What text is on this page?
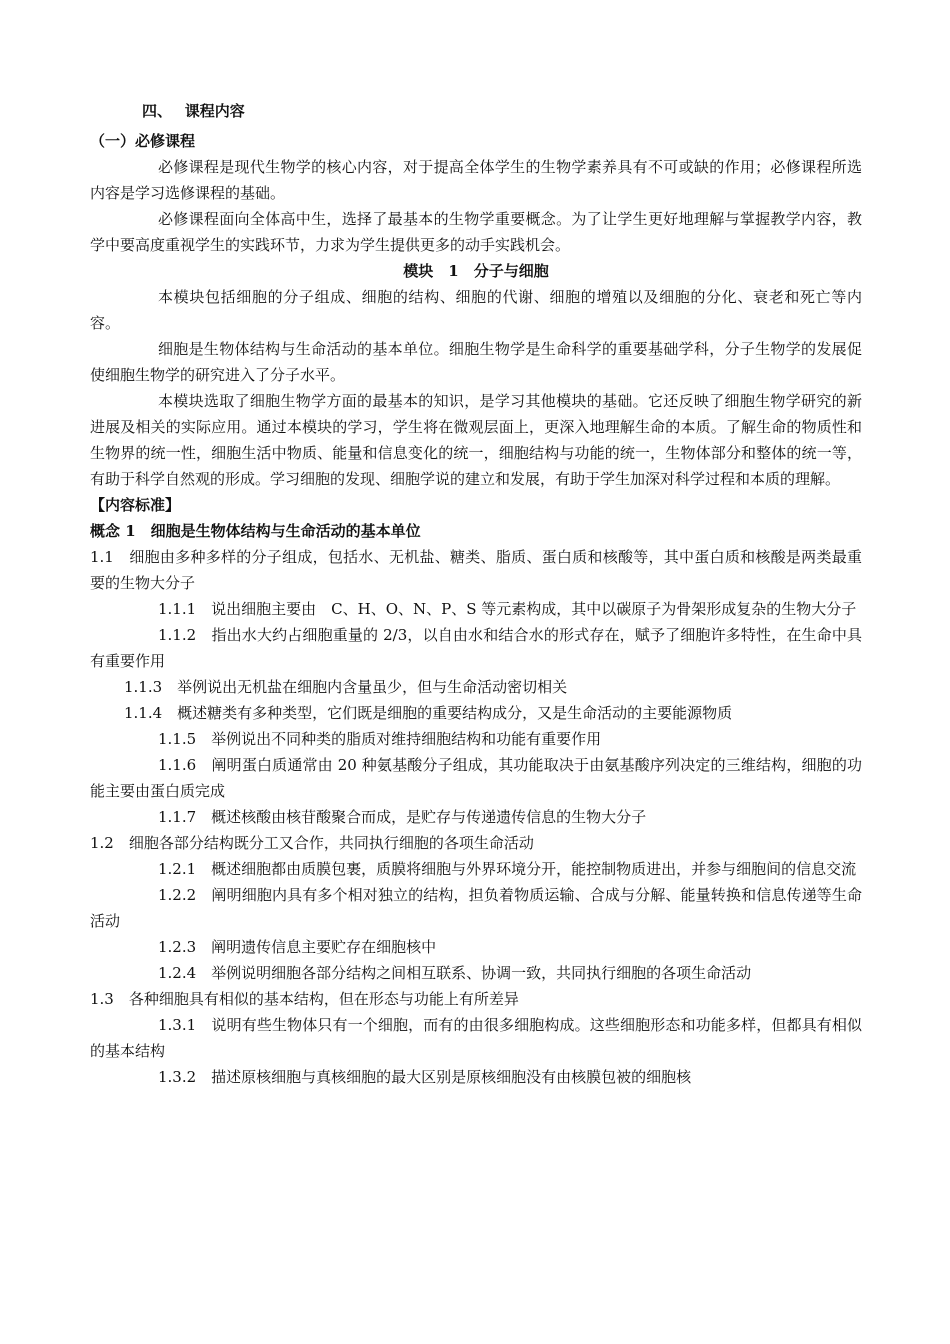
四、　 课程内容

（一）必修课程

必修课程是现代生物学的核心内容，对于提高全体学生的生物学素养具有不可或缺的作用；必修课程所选内容是学习选修课程的基础。

必修课程面向全体高中生，选择了最基本的生物学重要概念。为了让学生更好地理解与掌握教学内容，教学中要高度重视学生的实践环节，力求为学生提供更多的动手实践机会。

模块　1　分子与细胞

本模块包括细胞的分子组成、细胞的结构、细胞的代谢、细胞的增殖以及细胞的分化、衰老和死亡等内容。

细胞是生物体结构与生命活动的基本单位。细胞生物学是生命科学的重要基础学科，分子生物学的发展促使细胞生物学的研究进入了分子水平。

本模块选取了细胞生物学方面的最基本的知识，是学习其他模块的基础。它还反映了细胞生物学研究的新进展及相关的实际应用。通过本模块的学习，学生将在微观层面上，更深入地理解生命的本质。了解生命的物质性和生物界的统一性，细胞生活中物质、能量和信息变化的统一，细胞结构与功能的统一，生物体部分和整体的统一等，有助于科学自然观的形成。学习细胞的发现、细胞学说的建立和发展，有助于学生加深对科学过程和本质的理解。

【内容标准】

概念 1　细胞是生物体结构与生命活动的基本单位

1.1　细胞由多种多样的分子组成，包括水、无机盐、糖类、脂质、蛋白质和核酸等，其中蛋白质和核酸是两类最重要的生物大分子

1.1.1　说出细胞主要由　C、H、O、N、P、S 等元素构成，其中以碳原子为骨架形成复杂的生物大分子

1.1.2　指出水大约占细胞重量的 2/3，以自由水和结合水的形式存在，赋予了细胞许多特性，在生命中具有重要作用

1.1.3　举例说出无机盐在细胞内含量虽少，但与生命活动密切相关

1.1.4　概述糖类有多种类型，它们既是细胞的重要结构成分，又是生命活动的主要能源物质

1.1.5　举例说出不同种类的脂质对维持细胞结构和功能有重要作用

1.1.6　阐明蛋白质通常由 20 种氨基酸分子组成，其功能取决于由氨基酸序列决定的三维结构，细胞的功能主要由蛋白质完成

1.1.7　概述核酸由核苷酸聚合而成，是贮存与传递遗传信息的生物大分子

1.2　细胞各部分结构既分工又合作，共同执行细胞的各项生命活动

1.2.1　概述细胞都由质膜包裹，质膜将细胞与外界环境分开，能控制物质进出，并参与细胞间的信息交流

1.2.2　阐明细胞内具有多个相对独立的结构，担负着物质运输、合成与分解、能量转换和信息传递等生命活动

1.2.3　阐明遗传信息主要贮存在细胞核中

1.2.4　举例说明细胞各部分结构之间相互联系、协调一致，共同执行细胞的各项生命活动

1.3　各种细胞具有相似的基本结构，但在形态与功能上有所差异

1.3.1　说明有些生物体只有一个细胞，而有的由很多细胞构成。这些细胞形态和功能多样，但都具有相似的基本结构

1.3.2　描述原核细胞与真核细胞的最大区别是原核细胞没有由核膜包被的细胞核
